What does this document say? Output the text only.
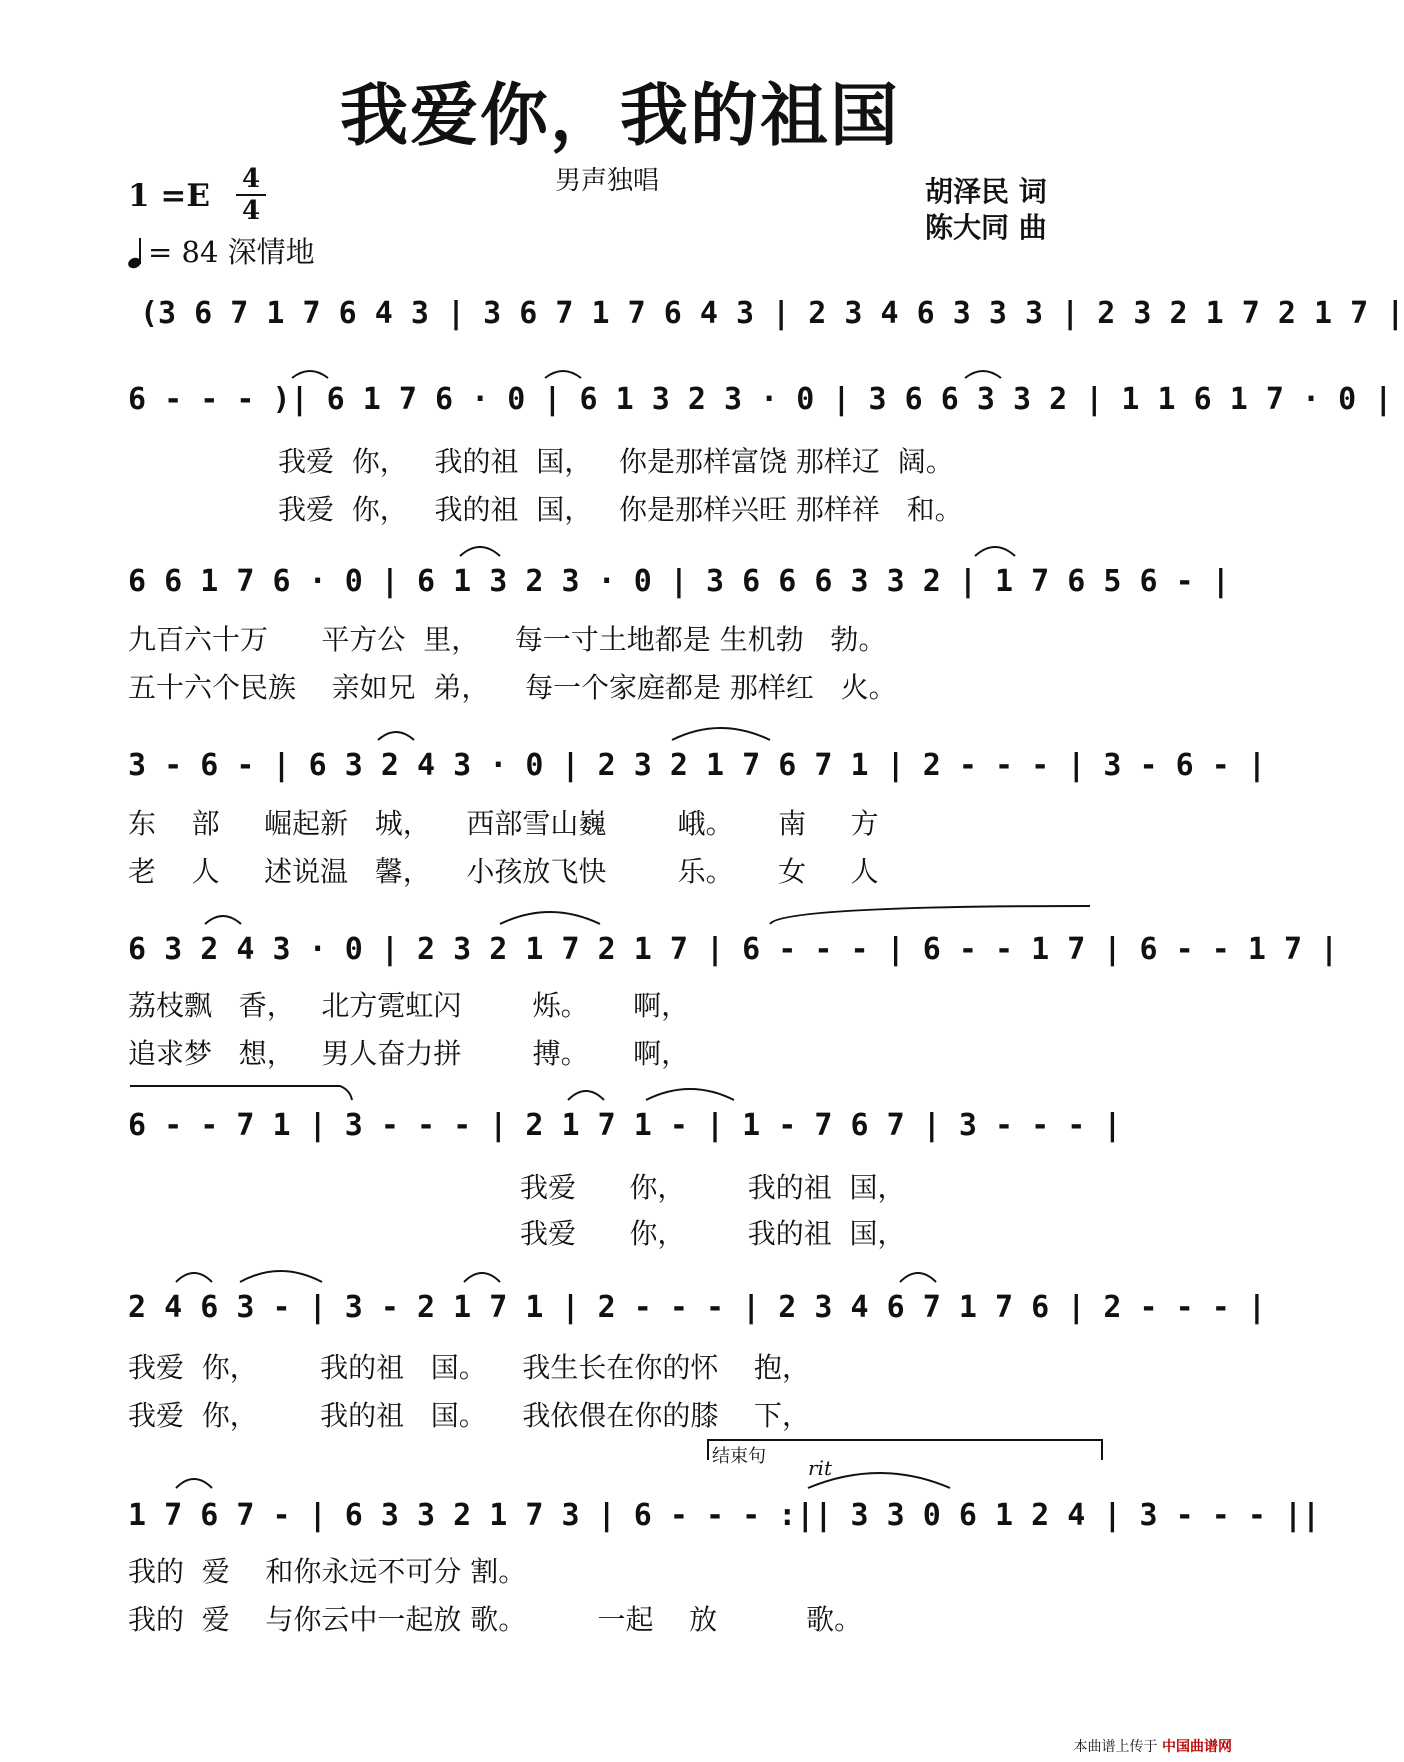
我爱你，我的祖国
男声独唱	胡泽民 词
陈大同 曲
1 =E 4
4
= 84 深情地
(3 6 7 1 7 6 4 3 | 3 6 7 1 7 6 4 3 | 2 3 4 6 3 3 3 | 2 3 2 1 7 2 1 7 |
6 - - - )| 6 1 7 6 · 0 | 6 1 3 2 3 · 0 | 3 6 6 3 3 2 | 1 1 6 1 7 · 0 |
我爱  你，   我的祖  国，   你是那样富饶 那样辽  阔。
我爱  你，   我的祖  国，   你是那样兴旺 那样祥   和。
6 6 1 7 6 · 0 | 6 1 3 2 3 · 0 | 3 6 6 6 3 3 2 | 1 7 6 5 6 - |
九百六十万      平方公  里，    每一寸土地都是 生机勃   勃。
五十六个民族    亲如兄  弟，    每一个家庭都是 那样红   火。
3 - 6 - | 6 3 2 4 3 · 0 | 2 3 2 1 7 6 7 1 | 2 - - - | 3 - 6 - |
东    部     崛起新   城，    西部雪山巍        峨。     南     方
老    人     述说温   馨，    小孩放飞快        乐。     女     人
6 3 2 4 3 · 0 | 2 3 2 1 7 2 1 7 | 6 - - - | 6 - - 1 7 | 6 - - 1 7 |
荔枝飘   香，   北方霓虹闪        烁。     啊，
追求梦   想，   男人奋力拼        搏。     啊，
6 - - 7 1 | 3 - - - | 2 1 7 1 - | 1 - 7 6 7 | 3 - - - |
我爱      你，       我的祖  国，
我爱      你，       我的祖  国，
2 4 6 3 - | 3 - 2 1 7 1 | 2 - - - | 2 3 4 6 7 1 7 6 | 2 - - - |
我爱  你，       我的祖   国。    我生长在你的怀    抱，
我爱  你，       我的祖   国。    我依偎在你的膝    下，
结束句 rit
1 7 6 7 - | 6 3 3 2 1 7 3 | 6 - - - :|| 3 3 0 6 1 2 4 | 3 - - - ||
我的  爱    和你永远不可分 割。
我的  爱    与你云中一起放 歌。        一起    放          歌。
本曲谱上传于 中国曲谱网
